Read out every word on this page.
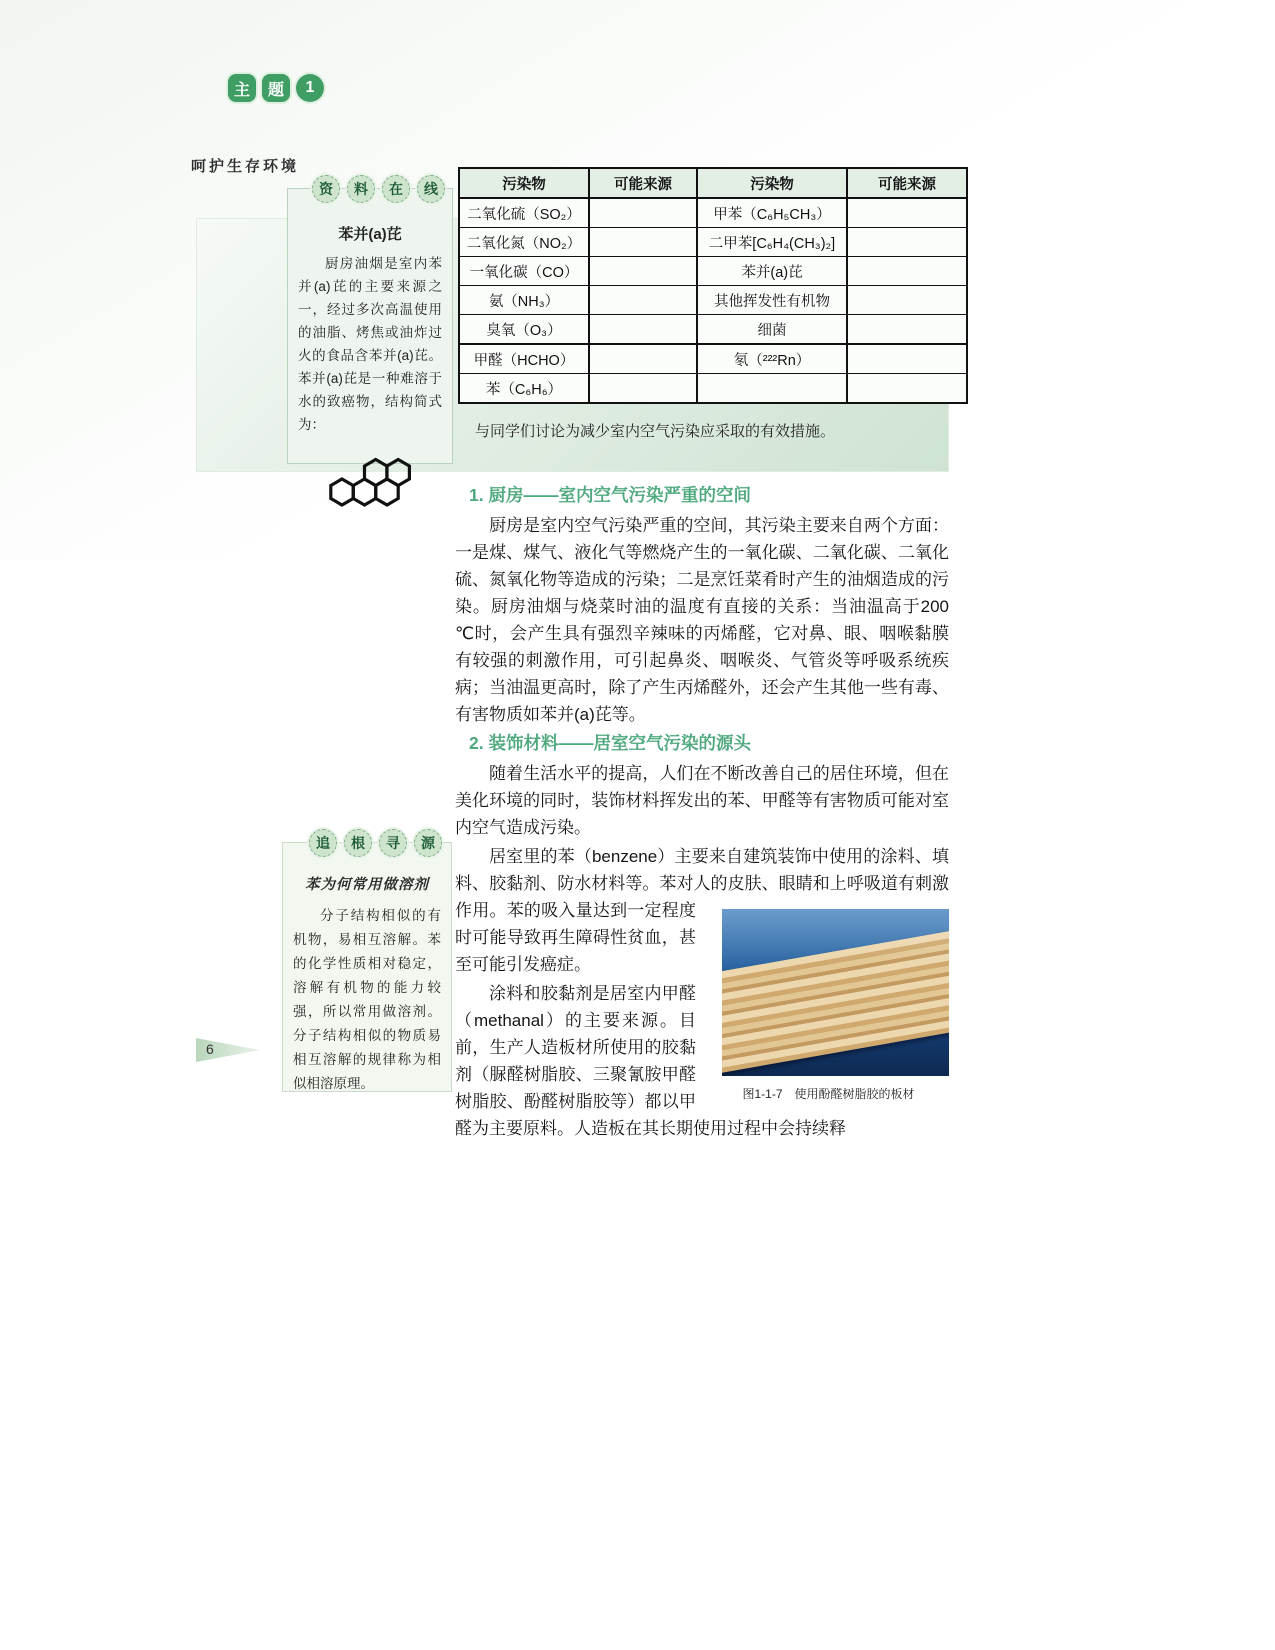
主	题	1
呵护生存环境
资	料	在	线
苯并(a)芘
厨房油烟是室内苯并(a)芘的主要来源之一，经过多次高温使用的油脂、烤焦或油炸过火的食品含苯并(a)芘。苯并(a)芘是一种难溶于水的致癌物，结构简式为：
污染物	可能来源	污染物	可能来源
二氧化硫（SO₂）		甲苯（C₆H₅CH₃）	
二氧化氮（NO₂）		二甲苯[C₆H₄(CH₃)₂]	
一氧化碳（CO）		苯并(a)芘	
氨（NH₃）		其他挥发性有机物	
臭氧（O₃）		细菌	
甲醛（HCHO）		氡（²²²Rn）	
苯（C₆H₆）			
与同学们讨论为减少室内空气污染应采取的有效措施。
1. 厨房——室内空气污染严重的空间

厨房是室内空气污染严重的空间，其污染主要来自两个方面：一是煤、煤气、液化气等燃烧产生的一氧化碳、二氧化碳、二氧化硫、氮氧化物等造成的污染；二是烹饪菜肴时产生的油烟造成的污染。厨房油烟与烧菜时油的温度有直接的关系：当油温高于200 ℃时，会产生具有强烈辛辣味的丙烯醛，它对鼻、眼、咽喉黏膜有较强的刺激作用，可引起鼻炎、咽喉炎、气管炎等呼吸系统疾病；当油温更高时，除了产生丙烯醛外，还会产生其他一些有毒、有害物质如苯并(a)芘等。

2. 装饰材料——居室空气污染的源头

随着生活水平的提高，人们在不断改善自己的居住环境，但在美化环境的同时，装饰材料挥发出的苯、甲醛等有害物质可能对室内空气造成污染。

图1-1-7　使用酚醛树脂胶的板材

居室里的苯（benzene）主要来自建筑装饰中使用的涂料、填料、胶黏剂、防水材料等。苯对人的皮肤、眼睛和上呼吸道有刺激作用。苯的吸入量达到一定程度时可能导致再生障碍性贫血，甚至可能引发癌症。

涂料和胶黏剂是居室内甲醛（methanal）的主要来源。目前，生产人造板材所使用的胶黏剂（脲醛树脂胶、三聚氰胺甲醛树脂胶、酚醛树脂胶等）都以甲醛为主要原料。人造板在其长期使用过程中会持续释

追	根	寻	源
苯为何常用做溶剂
分子结构相似的有机物，易相互溶解。苯的化学性质相对稳定，溶解有机物的能力较强，所以常用做溶剂。分子结构相似的物质易相互溶解的规律称为相似相溶原理。
6
